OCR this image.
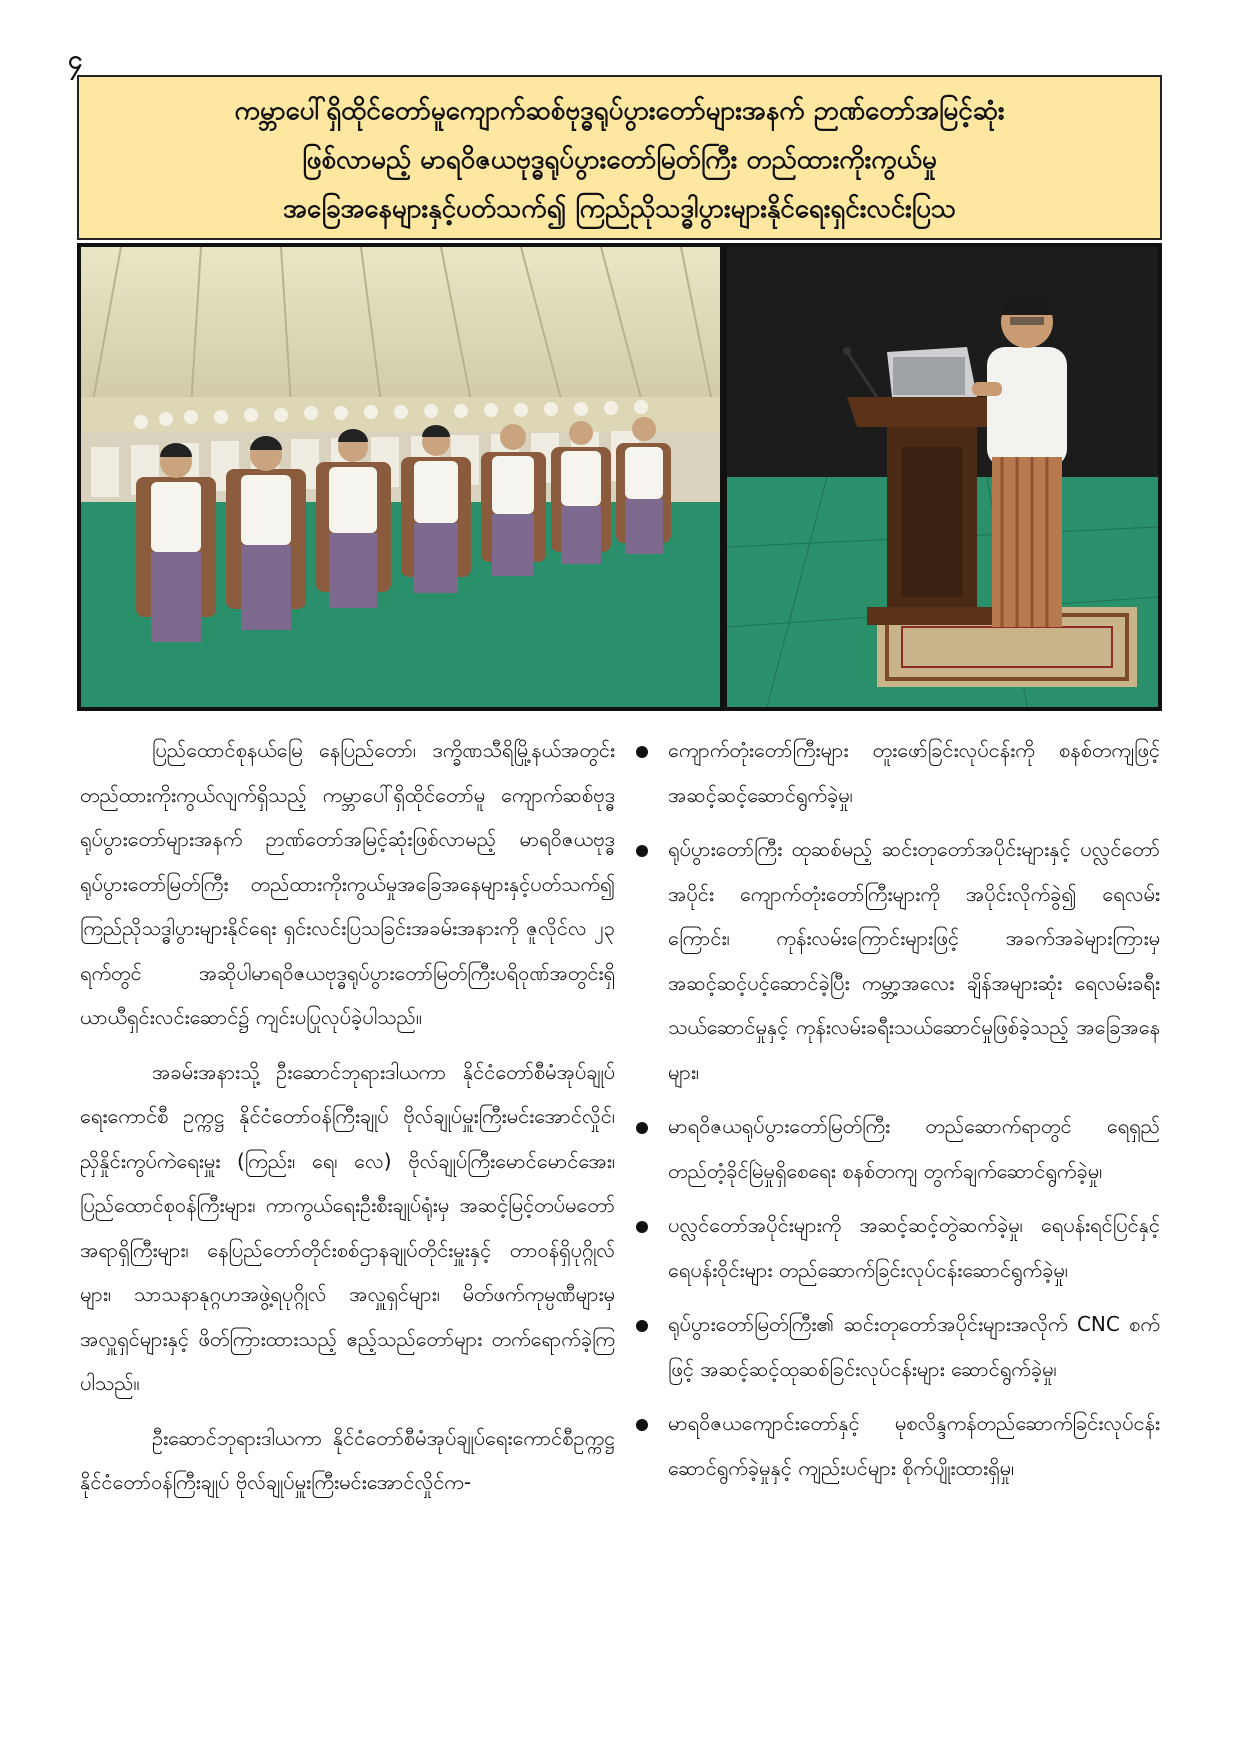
၄
ကမ္ဘာပေါ်ရှိထိုင်တော်မူကျောက်ဆစ်ဗုဒ္ဓရုပ်ပွားတော်များအနက် ဉာဏ်တော်အမြင့်ဆုံး
ဖြစ်လာမည့် မာရဝိဇယဗုဒ္ဓရုပ်ပွားတော်မြတ်ကြီး တည်ထားကိုးကွယ်မှု
အခြေအနေများနှင့်ပတ်သက်၍ ကြည်ညိုသဒ္ဓါပွားများနိုင်ရေးရှင်းလင်းပြသ

ပြည်ထောင်စုနယ်မြေ နေပြည်တော်၊ ဒက္ခိဏသီရိမြို့နယ်အတွင်း တည်ထားကိုးကွယ်လျက်ရှိသည့် ကမ္ဘာပေါ်ရှိထိုင်တော်မူ ကျောက်ဆစ်ဗုဒ္ဓရုပ်ပွားတော်များအနက် ဉာဏ်တော်အမြင့်ဆုံးဖြစ်လာမည့် မာရဝိဇယဗုဒ္ဓ ရုပ်ပွားတော်မြတ်ကြီး တည်ထားကိုးကွယ်မှုအခြေအနေများနှင့်ပတ်သက်၍ ကြည်ညိုသဒ္ဓါပွားများနိုင်ရေး ရှင်းလင်းပြသခြင်းအခမ်းအနားကို ဇူလိုင်လ ၂၃ ရက်တွင် အဆိုပါမာရဝိဇယဗုဒ္ဓရုပ်ပွားတော်မြတ်ကြီးပရိဝုဏ်အတွင်းရှိ ယာယီရှင်းလင်းဆောင်၌ ကျင်းပပြုလုပ်ခဲ့ပါသည်။

အခမ်းအနားသို့ ဦးဆောင်ဘုရားဒါယကာ နိုင်ငံတော်စီမံအုပ်ချုပ်ရေးကောင်စီ ဥက္ကဋ္ဌ နိုင်ငံတော်ဝန်ကြီးချုပ် ဗိုလ်ချုပ်မှူးကြီးမင်းအောင်လှိုင်၊ ညှိနှိုင်းကွပ်ကဲရေးမှူး (ကြည်း၊ ရေ၊ လေ) ဗိုလ်ချုပ်ကြီးမောင်မောင်အေး၊ ပြည်ထောင်စုဝန်ကြီးများ၊ ကာကွယ်ရေးဦးစီးချုပ်ရုံးမှ အဆင့်မြင့်တပ်မတော်အရာရှိကြီးများ၊ နေပြည်တော်တိုင်းစစ်ဌာနချုပ်တိုင်းမှူးနှင့် တာဝန်ရှိပုဂ္ဂိုလ်များ၊ သာသနာနုဂ္ဂဟအဖွဲ့ရပုဂ္ဂိုလ် အလှူရှင်များ၊ မိတ်ဖက်ကုမ္ပဏီများမှအလှူရှင်များနှင့် ဖိတ်ကြားထားသည့် ဧည့်သည်တော်များ တက်ရောက်ခဲ့ကြပါသည်။

ဦးဆောင်ဘုရားဒါယကာ နိုင်ငံတော်စီမံအုပ်ချုပ်ရေးကောင်စီဥက္ကဋ္ဌ နိုင်ငံတော်ဝန်ကြီးချုပ် ဗိုလ်ချုပ်မှူးကြီးမင်းအောင်လှိုင်က-

ကျောက်တုံးတော်ကြီးများ တူးဖော်ခြင်းလုပ်ငန်းကို စနစ်တကျဖြင့် အဆင့်ဆင့်ဆောင်ရွက်ခဲ့မှု၊
ရုပ်ပွားတော်ကြီး ထုဆစ်မည့် ဆင်းတုတော်အပိုင်းများနှင့် ပလ္လင်တော်အပိုင်း ကျောက်တုံးတော်ကြီးများကို အပိုင်းလိုက်ခွဲ၍ ရေလမ်းကြောင်း၊ ကုန်းလမ်းကြောင်းများဖြင့် အခက်အခဲများကြားမှ အဆင့်ဆင့်ပင့်ဆောင်ခဲ့ပြီး ကမ္ဘာ့အလေး ချိန်အများဆုံး ရေလမ်းခရီးသယ်ဆောင်မှုနှင့် ကုန်းလမ်းခရီးသယ်ဆောင်မှုဖြစ်ခဲ့သည့် အခြေအနေများ၊
မာရဝိဇယရုပ်ပွားတော်မြတ်ကြီး တည်ဆောက်ရာတွင် ရေရှည်တည်တံ့ခိုင်မြဲမှုရှိစေရေး စနစ်တကျ တွက်ချက်ဆောင်ရွက်ခဲ့မှု၊
ပလ္လင်တော်အပိုင်းများကို အဆင့်ဆင့်တွဲဆက်ခဲ့မှု၊ ရေပန်းရင်ပြင်နှင့် ရေပန်းဝိုင်းများ တည်ဆောက်ခြင်းလုပ်ငန်းဆောင်ရွက်ခဲ့မှု၊
ရုပ်ပွားတော်မြတ်ကြီး၏ ဆင်းတုတော်အပိုင်းများအလိုက် CNC စက်ဖြင့် အဆင့်ဆင့်ထုဆစ်ခြင်းလုပ်ငန်းများ ဆောင်ရွက်ခဲ့မှု၊
မာရဝိဇယကျောင်းတော်နှင့် မုစလိန္ဒကန်တည်ဆောက်ခြင်းလုပ်ငန်းဆောင်ရွက်ခဲ့မှုနှင့် ကျည်းပင်များ စိုက်ပျိုးထားရှိမှု၊
